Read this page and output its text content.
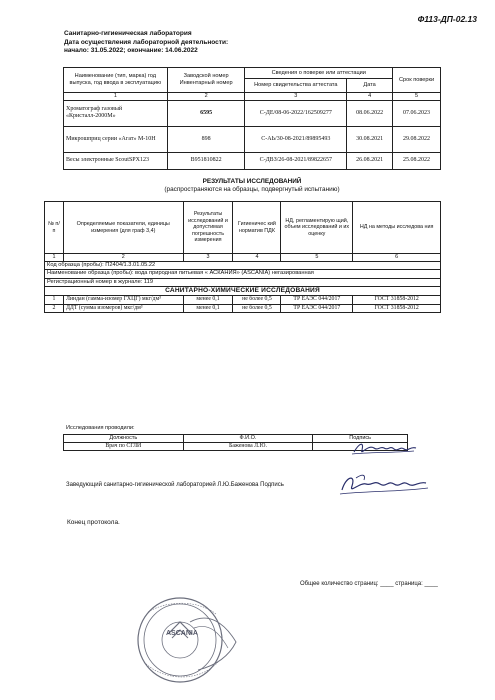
Ф113-ДП-02.13
Санитарно-гигиеническая лаборатория
Дата осуществления лабораторной деятельности:
начало: 31.05.2022; окончание: 14.06.2022
Наименование (тип, марка) год выпуска, год ввода в эксплуатацию	Заводской номер Инвентарный номер	Сведения о поверке или аттестации		Срок поверки
		Номер свидетельства аттестата	Дата	
1	2	3	4	5
Хроматограф газовый «Кристалл-2000М»	6595	С-ДЕ/08-06-2022/162509277	08.06.2022	07.06.2023
Микрошприц серии «Агат» М-10Н	898	С-АЬ/30-08-2021/89895493	30.08.2021	29.08.2022
Весы электронные ScoutSPX123	B951810822	С-ДВЗ/26-08-2021/89822657	26.08.2021	25.08.2022
РЕЗУЛЬТАТЫ ИССЛЕДОВАНИЙ
(распространяются на образцы, подвергнутый испытанию)
№ п/п	Определяемые показатели, единицы измерения (для граф 3,4)	Результаты исследований и допустимая погрешность измерения	Гигиеничес кий норматив ПДК	НД, регламентирую щий, объем исследований и их оценку	НД на методы исследова ния
1	2	3	4	5	6
Код образца (пробы): П2404/1.3.01.05.22					
Наименование образца (пробы): вода природная питьевая « АСКАНИЯ» (ASCANIA) негазированная					
Регистрационный номер в журнале: 119					
САНИТАРНО-ХИМИЧЕСКИЕ ИССЛЕДОВАНИЯ					
1	Линдан (гамма-изомер ГХЦГ) мкг/дм³	менее 0,1	не более 0,5	ТР ЕАЭС 044/2017	ГОСТ 31858-2012
2	ДДТ (сумма изомеров) мкг/дм³	менее 0,1	не более 0,5	ТР ЕАЭС 044/2017	ГОСТ 31858-2012
Исследования проводили:
Должность	Ф.И.О.	Подпись
Врач по СГЛИ	Баженова Л.Ю.	
Заведующий санитарно-гигиенической лабораторией Л.Ю.Баженова Подпись
Конец протокола.
Общее количество страниц: ____ страница: ____
ASCANIA
